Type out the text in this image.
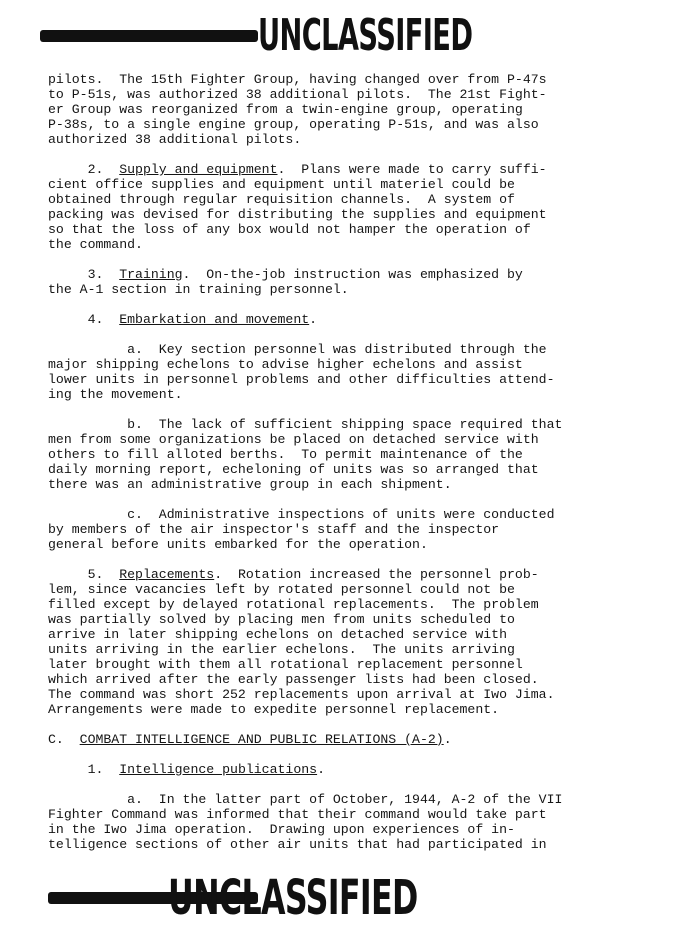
UNCLASSIFIED
pilots.  The 15th Fighter Group, having changed over from P-47s
to P-51s, was authorized 38 additional pilots.  The 21st Fight-
er Group was reorganized from a twin-engine group, operating
P-38s, to a single engine group, operating P-51s, and was also
authorized 38 additional pilots.
2.  Supply and equipment.  Plans were made to carry suffi-
cient office supplies and equipment until materiel could be
obtained through regular requisition channels.  A system of
packing was devised for distributing the supplies and equipment
so that the loss of any box would not hamper the operation of
the command.
3.  Training.  On-the-job instruction was emphasized by
the A-1 section in training personnel.
4.  Embarkation and movement.
a.  Key section personnel was distributed through the
major shipping echelons to advise higher echelons and assist
lower units in personnel problems and other difficulties attend-
ing the movement.
b.  The lack of sufficient shipping space required that
men from some organizations be placed on detached service with
others to fill alloted berths.  To permit maintenance of the
daily morning report, echeloning of units was so arranged that
there was an administrative group in each shipment.
c.  Administrative inspections of units were conducted
by members of the air inspector's staff and the inspector
general before units embarked for the operation.
5.  Replacements.  Rotation increased the personnel prob-
lem, since vacancies left by rotated personnel could not be
filled except by delayed rotational replacements.  The problem
was partially solved by placing men from units scheduled to
arrive in later shipping echelons on detached service with
units arriving in the earlier echelons.  The units arriving
later brought with them all rotational replacement personnel
which arrived after the early passenger lists had been closed.
The command was short 252 replacements upon arrival at Iwo Jima.
Arrangements were made to expedite personnel replacement.
C.  COMBAT INTELLIGENCE AND PUBLIC RELATIONS (A-2).
1.  Intelligence publications.
a.  In the latter part of October, 1944, A-2 of the VII
Fighter Command was informed that their command would take part
in the Iwo Jima operation.  Drawing upon experiences of in-
telligence sections of other air units that had participated in
UNCLASSIFIED
